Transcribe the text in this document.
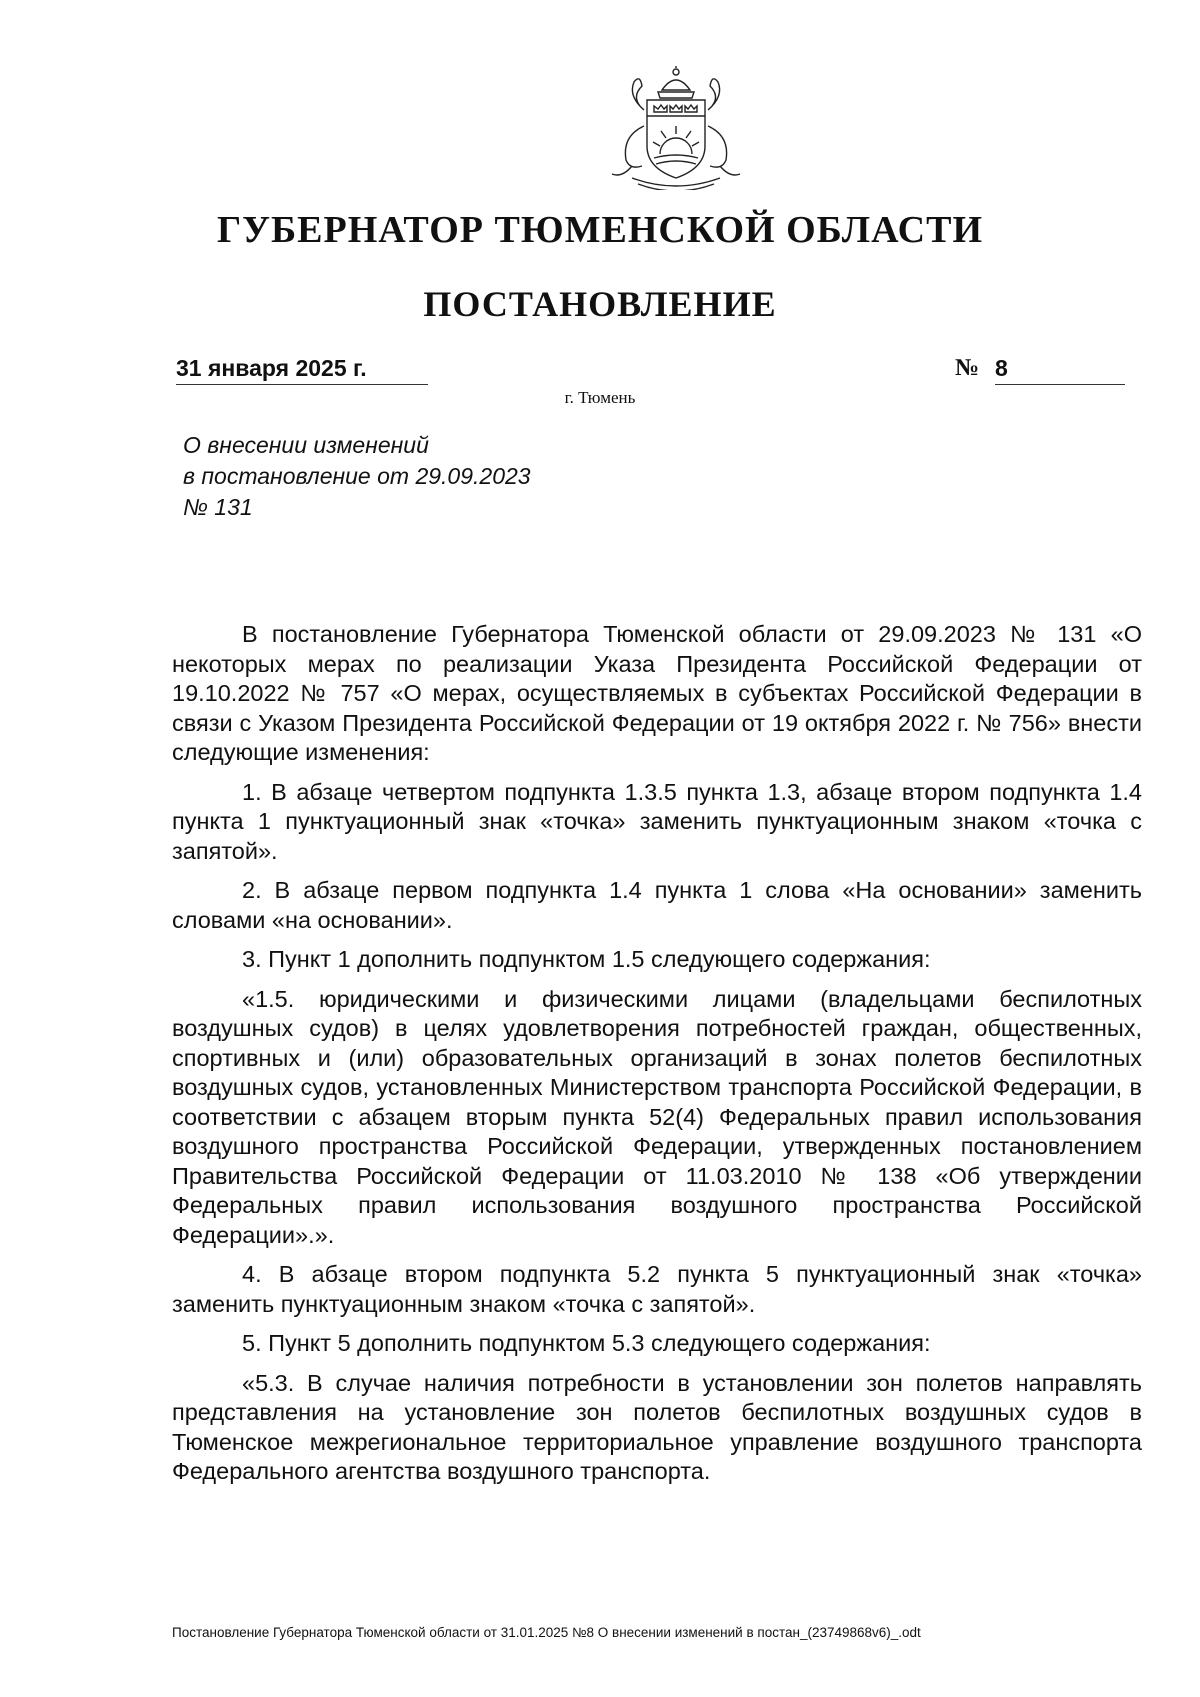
ГУБЕРНАТОР ТЮМЕНСКОЙ ОБЛАСТИ
ПОСТАНОВЛЕНИЕ
31 января 2025 г.	№ 8
г. Тюмень
О внесении изменений
в постановление от 29.09.2023
№ 131

В постановление Губернатора Тюменской области от 29.09.2023 № 131 «О некоторых мерах по реализации Указа Президента Российской Федерации от 19.10.2022 № 757 «О мерах, осуществляемых в субъектах Российской Федерации в связи с Указом Президента Российской Федерации от 19 октября 2022 г. № 756» внести следующие изменения:

1. В абзаце четвертом подпункта 1.3.5 пункта 1.3, абзаце втором подпункта 1.4 пункта 1 пунктуационный знак «точка» заменить пунктуационным знаком «точка с запятой».

2. В абзаце первом подпункта 1.4 пункта 1 слова «На основании» заменить словами «на основании».

3. Пункт 1 дополнить подпунктом 1.5 следующего содержания:

«1.5. юридическими и физическими лицами (владельцами беспилотных воздушных судов) в целях удовлетворения потребностей граждан, общественных, спортивных и (или) образовательных организаций в зонах полетов беспилотных воздушных судов, установленных Министерством транспорта Российской Федерации, в соответствии с абзацем вторым пункта 52(4) Федеральных правил использования воздушного пространства Российской Федерации, утвержденных постановлением Правительства Российской Федерации от 11.03.2010 № 138 «Об утверждении Федеральных правил использования воздушного пространства Российской Федерации».».

4. В абзаце втором подпункта 5.2 пункта 5 пунктуационный знак «точка» заменить пунктуационным знаком «точка с запятой».

5. Пункт 5 дополнить подпунктом 5.3 следующего содержания:

«5.3. В случае наличия потребности в установлении зон полетов направлять представления на установление зон полетов беспилотных воздушных судов в Тюменское межрегиональное территориальное управление воздушного транспорта Федерального агентства воздушного транспорта.

Постановление Губернатора Тюменской области от 31.01.2025 №8 О внесении изменений в постан_(23749868v6)_.odt
